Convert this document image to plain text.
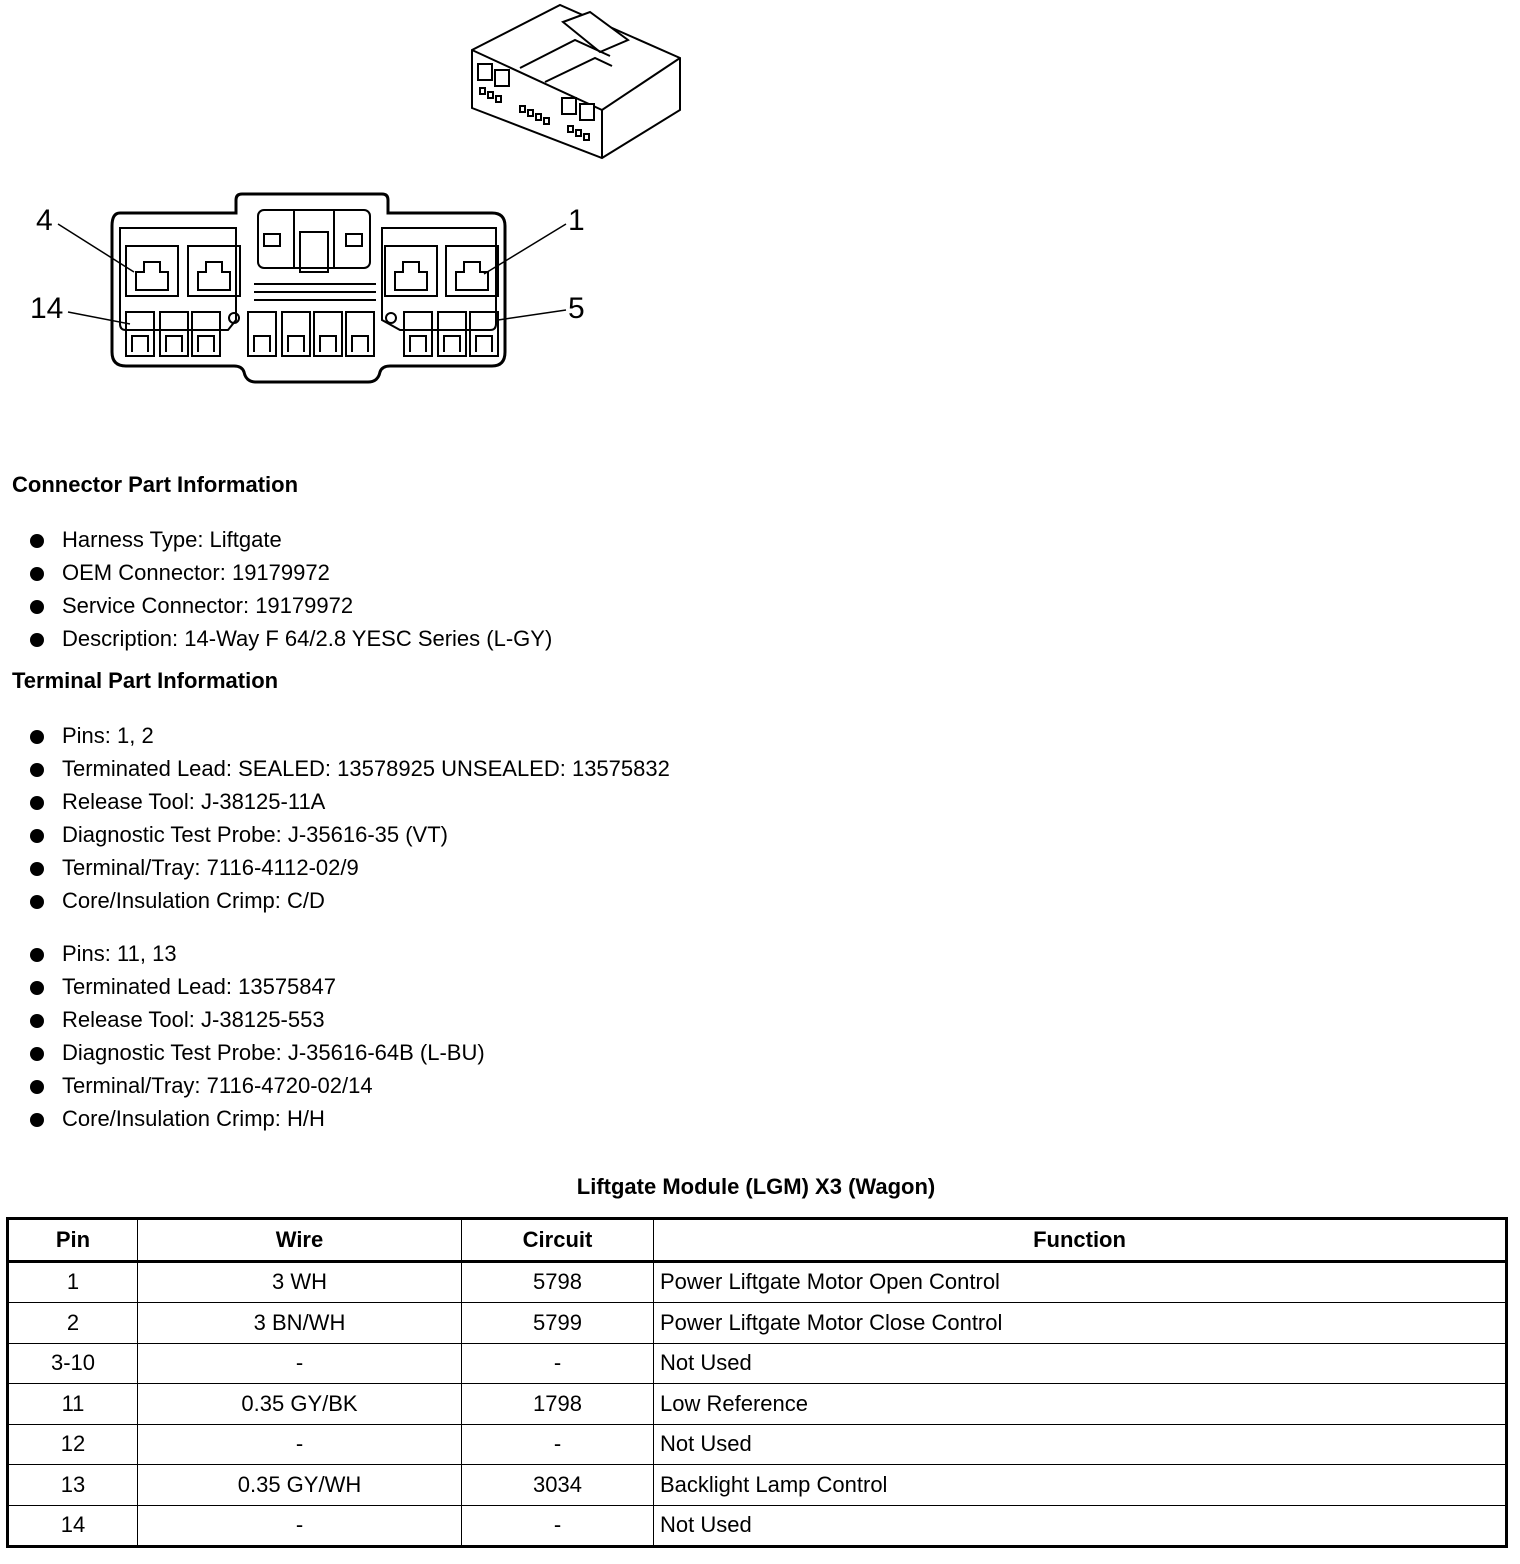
4	1
14	5
Connector Part Information
Harness Type: Liftgate
OEM Connector: 19179972
Service Connector: 19179972
Description: 14-Way F 64/2.8 YESC Series (L-GY)
Terminal Part Information
Pins: 1, 2
Terminated Lead: SEALED: 13578925 UNSEALED: 13575832
Release Tool: J-38125-11A
Diagnostic Test Probe: J-35616-35 (VT)
Terminal/Tray: 7116-4112-02/9
Core/Insulation Crimp: C/D
Pins: 11, 13
Terminated Lead: 13575847
Release Tool: J-38125-553
Diagnostic Test Probe: J-35616-64B (L-BU)
Terminal/Tray: 7116-4720-02/14
Core/Insulation Crimp: H/H
Liftgate Module (LGM) X3 (Wagon)
Pin	Wire	Circuit	Function
1	3 WH	5798	Power Liftgate Motor Open Control
2	3 BN/WH	5799	Power Liftgate Motor Close Control
3-10	-	-	Not Used
11	0.35 GY/BK	1798	Low Reference
12	-	-	Not Used
13	0.35 GY/WH	3034	Backlight Lamp Control
14	-	-	Not Used
